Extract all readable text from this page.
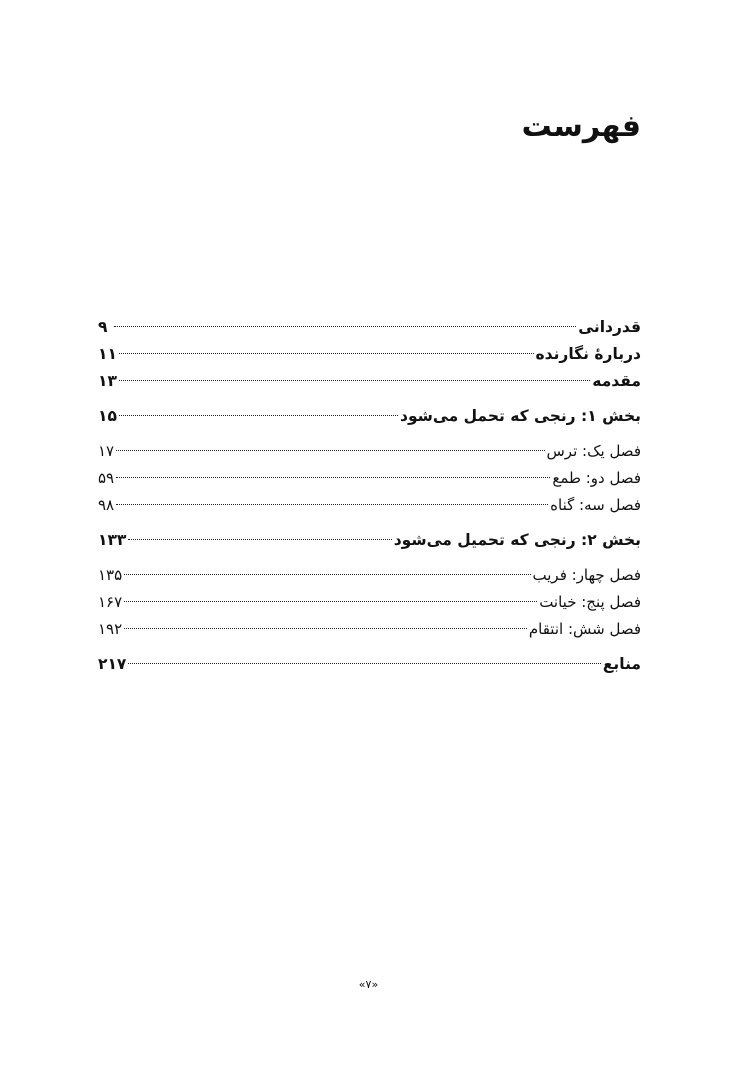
فهرست
قدردانی
۹
دربارهٔ نگارنده
۱۱
مقدمه
۱۳
بخش ۱: رنجی که تحمل می‌شود
۱۵
فصل یک: ترس
۱۷
فصل دو: طمع
۵۹
فصل سه: گناه
۹۸
بخش ۲: رنجی که تحمیل می‌شود
۱۳۳
فصل چهار: فریب
۱۳۵
فصل پنج: خیانت
۱۶۷
فصل شش: انتقام
۱۹۲
منابع
۲۱۷
«۷»
